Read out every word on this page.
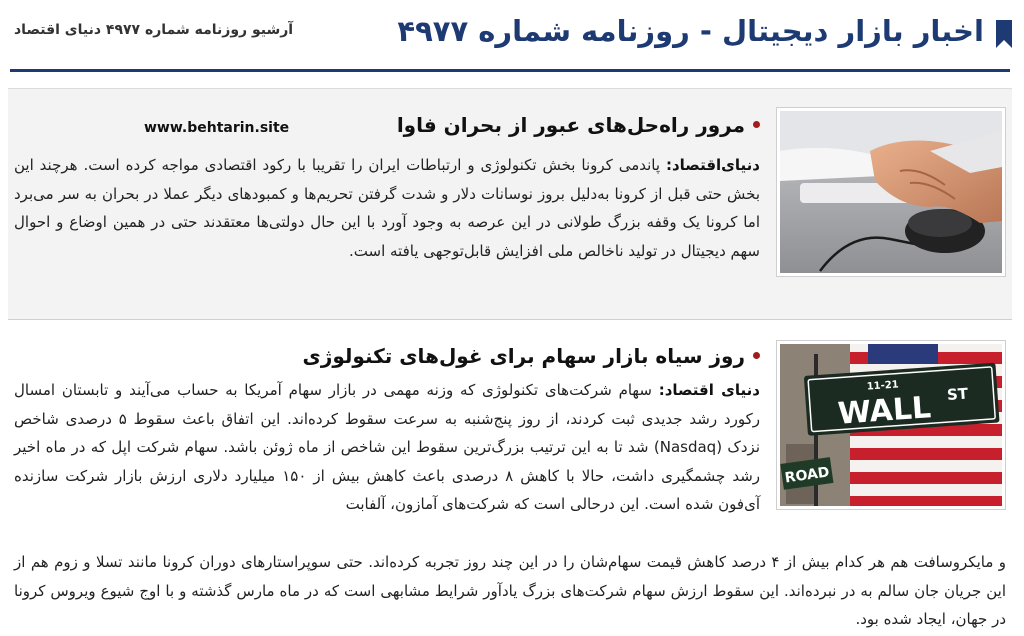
اخبار بازار دیجیتال - روزنامه شماره ۴۹۷۷
آرشیو روزنامه شماره ۴۹۷۷ دنیای اقتصاد
مرور راه‌حل‌های عبور از بحران فاوا
www.behtarin.site

دنیای‌اقتصاد: پاندمی کرونا بخش تکنولوژی و ارتباطات ایران را تقریبا با رکود اقتصادی مواجه کرده است. هرچند این بخش حتی قبل از کرونا به‌دلیل بروز نوسانات دلار و شدت گرفتن تحریم‌ها و کمبودهای دیگر عملا در بحران به سر می‌برد اما کرونا یک وقفه بزرگ طولانی در این عرصه به وجود آورد با این حال دولتی‌ها معتقدند حتی در همین اوضاع و احوال سهم دیجیتال در تولید ناخالص ملی افزایش قابل‌توجهی یافته است.

ROAD
11-21
WALL ST
روز سیاه بازار سهام برای غول‌های تکنولوژی

دنیای اقتصاد: سهام شرکت‌های تکنولوژی که وزنه مهمی در بازار سهام آمریکا به حساب می‌آیند و تابستان امسال رکورد رشد جدیدی ثبت کردند، از روز پنج‌شنبه به سرعت سقوط کرده‌اند. این اتفاق باعث سقوط ۵ درصدی شاخص نزدک (Nasdaq) شد تا به این ترتیب بزرگ‌ترین سقوط این شاخص از ماه ژوئن باشد. سهام شرکت اپل که در ماه اخیر رشد چشمگیری داشت، حالا با کاهش ۸ درصدی باعث کاهش بیش از ۱۵۰ میلیارد دلاری ارزش بازار شرکت سازنده آی‌فون شده است. این درحالی است که شرکت‌های آمازون، آلفابت

و مایکروسافت هم هر کدام بیش از ۴ درصد کاهش قیمت سهام‌شان را در این چند روز تجربه کرده‌اند. حتی سوپراستارهای دوران کرونا مانند تسلا و زوم هم از این جریان جان سالم به در نبرده‌اند. این سقوط ارزش سهام شرکت‌های بزرگ یادآور شرایط مشابهی است که در ماه مارس گذشته و با اوج شیوع ویروس کرونا در جهان، ایجاد شده بود.
